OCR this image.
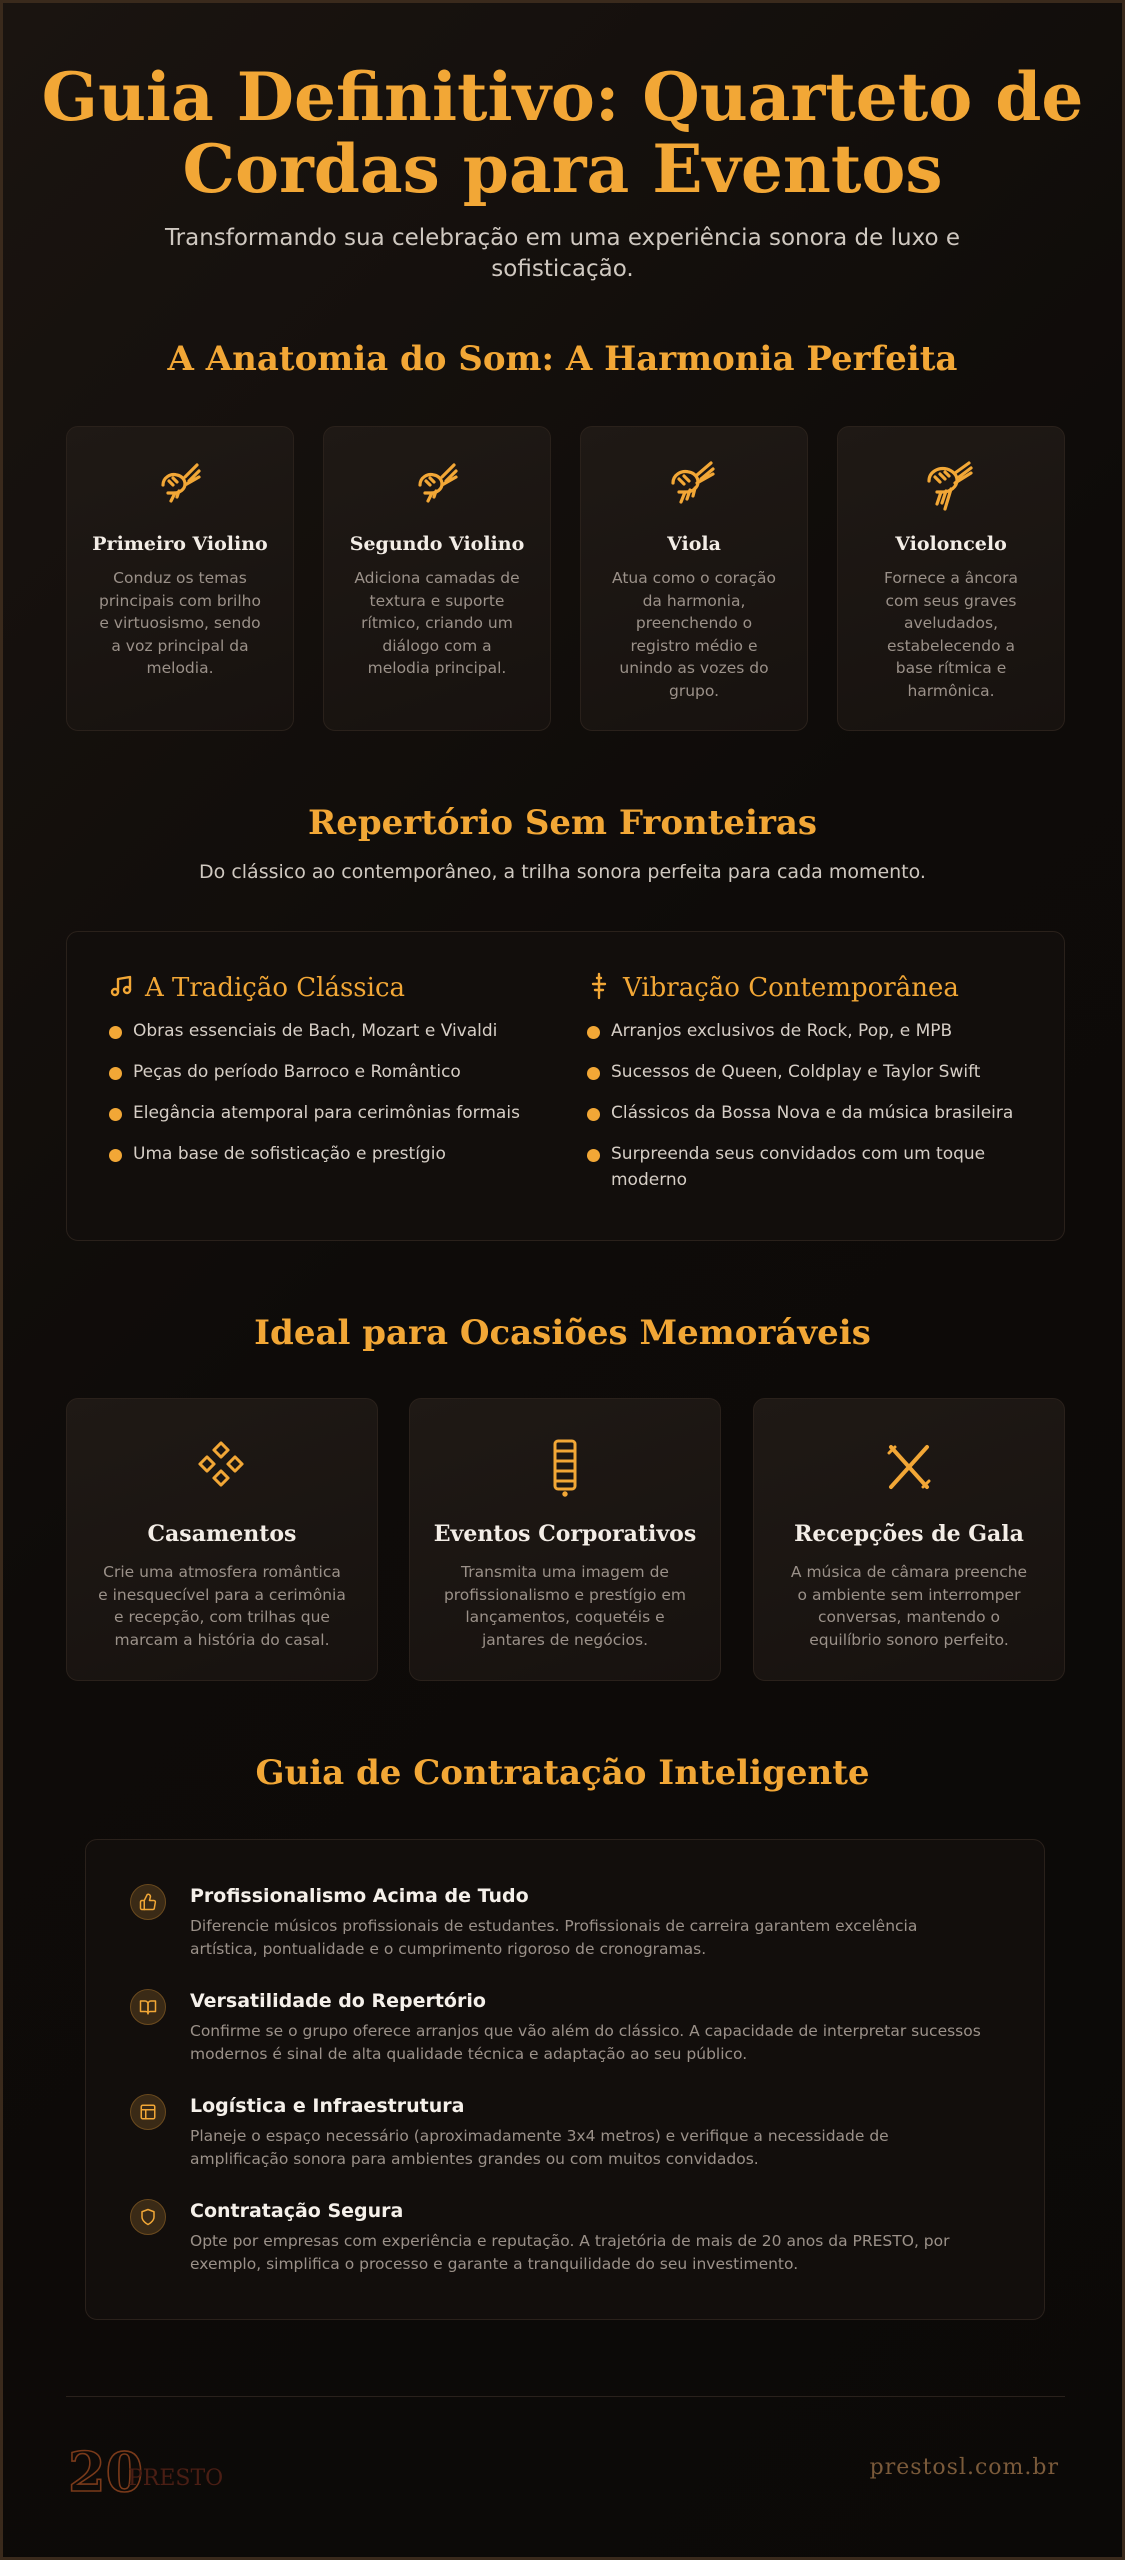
Guia Definitivo: Quarteto de Cordas para Eventos
Transformando sua celebração em uma experiência sonora de luxo e sofisticação.
A Anatomia do Som: A Harmonia Perfeita
Primeiro Violino
Conduz os temas principais com brilho e virtuosismo, sendo a voz principal da melodia.
Segundo Violino
Adiciona camadas de textura e suporte rítmico, criando um diálogo com a melodia principal.
Viola
Atua como o coração da harmonia, preenchendo o registro médio e unindo as vozes do grupo.
Violoncelo
Fornece a âncora com seus graves aveludados, estabelecendo a base rítmica e harmônica.
Repertório Sem Fronteiras
Do clássico ao contemporâneo, a trilha sonora perfeita para cada momento.
A Tradição Clássica
Obras essenciais de Bach, Mozart e Vivaldi
Peças do período Barroco e Romântico
Elegância atemporal para cerimônias formais
Uma base de sofisticação e prestígio
Vibração Contemporânea
Arranjos exclusivos de Rock, Pop, e MPB
Sucessos de Queen, Coldplay e Taylor Swift
Clássicos da Bossa Nova e da música brasileira
Surpreenda seus convidados com um toque moderno
Ideal para Ocasiões Memoráveis
Casamentos
Crie uma atmosfera romântica e inesquecível para a cerimônia e recepção, com trilhas que marcam a história do casal.
Eventos Corporativos
Transmita uma imagem de profissionalismo e prestígio em lançamentos, coquetéis e jantares de negócios.
Recepções de Gala
A música de câmara preenche o ambiente sem interromper conversas, mantendo o equilíbrio sonoro perfeito.
Guia de Contratação Inteligente
Profissionalismo Acima de Tudo
Diferencie músicos profissionais de estudantes. Profissionais de carreira garantem excelência artística, pontualidade e o cumprimento rigoroso de cronogramas.
Versatilidade do Repertório
Confirme se o grupo oferece arranjos que vão além do clássico. A capacidade de interpretar sucessos modernos é sinal de alta qualidade técnica e adaptação ao seu público.
Logística e Infraestrutura
Planeje o espaço necessário (aproximadamente 3x4 metros) e verifique a necessidade de amplificação sonora para ambientes grandes ou com muitos convidados.
Contratação Segura
Opte por empresas com experiência e reputação. A trajetória de mais de 20 anos da PRESTO, por exemplo, simplifica o processo e garante a tranquilidade do seu investimento.
20
PRESTO	prestosl.com.br
